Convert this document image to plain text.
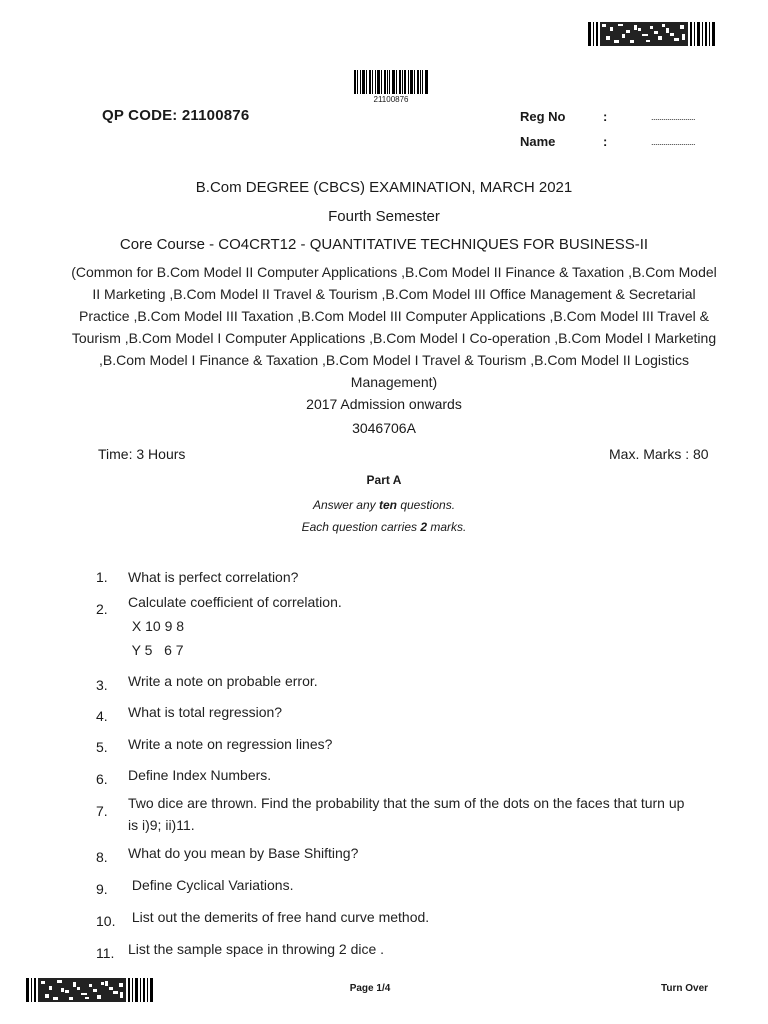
21100876
QP CODE: 21100876	Reg No	:	......................
Name	:	......................
B.Com DEGREE (CBCS) EXAMINATION, MARCH 2021
Fourth Semester
Core Course - CO4CRT12 - QUANTITATIVE TECHNIQUES FOR BUSINESS-II
(Common for B.Com Model II Computer Applications ,B.Com Model II Finance & Taxation ,B.Com Model II Marketing ,B.Com Model II Travel & Tourism ,B.Com Model III Office Management & Secretarial Practice ,B.Com Model III Taxation ,B.Com Model III Computer Applications ,B.Com Model III Travel & Tourism ,B.Com Model I Computer Applications ,B.Com Model I Co-operation ,B.Com Model I Marketing ,B.Com Model I Finance & Taxation ,B.Com Model I Travel & Tourism ,B.Com Model II Logistics Management)
2017 Admission onwards
3046706A
Time: 3 Hours	Max. Marks : 80
Part A
Answer any ten questions.
Each question carries 2 marks.
1. What is perfect correlation?
2. Calculate coefficient of correlation.
X 10 9 8
Y 5   6 7
3. Write a note on probable error.
4. What is total regression?
5. Write a note on regression lines?
6. Define Index Numbers.
7. Two dice are thrown. Find the probability that the sum of the dots on the faces that turn up
is i)9; ii)11.
8. What do you mean by Base Shifting?
9. Define Cyclical Variations.
10. List out the demerits of free hand curve method.
11. List the sample space in throwing 2 dice .
Page 1/4	Turn Over
